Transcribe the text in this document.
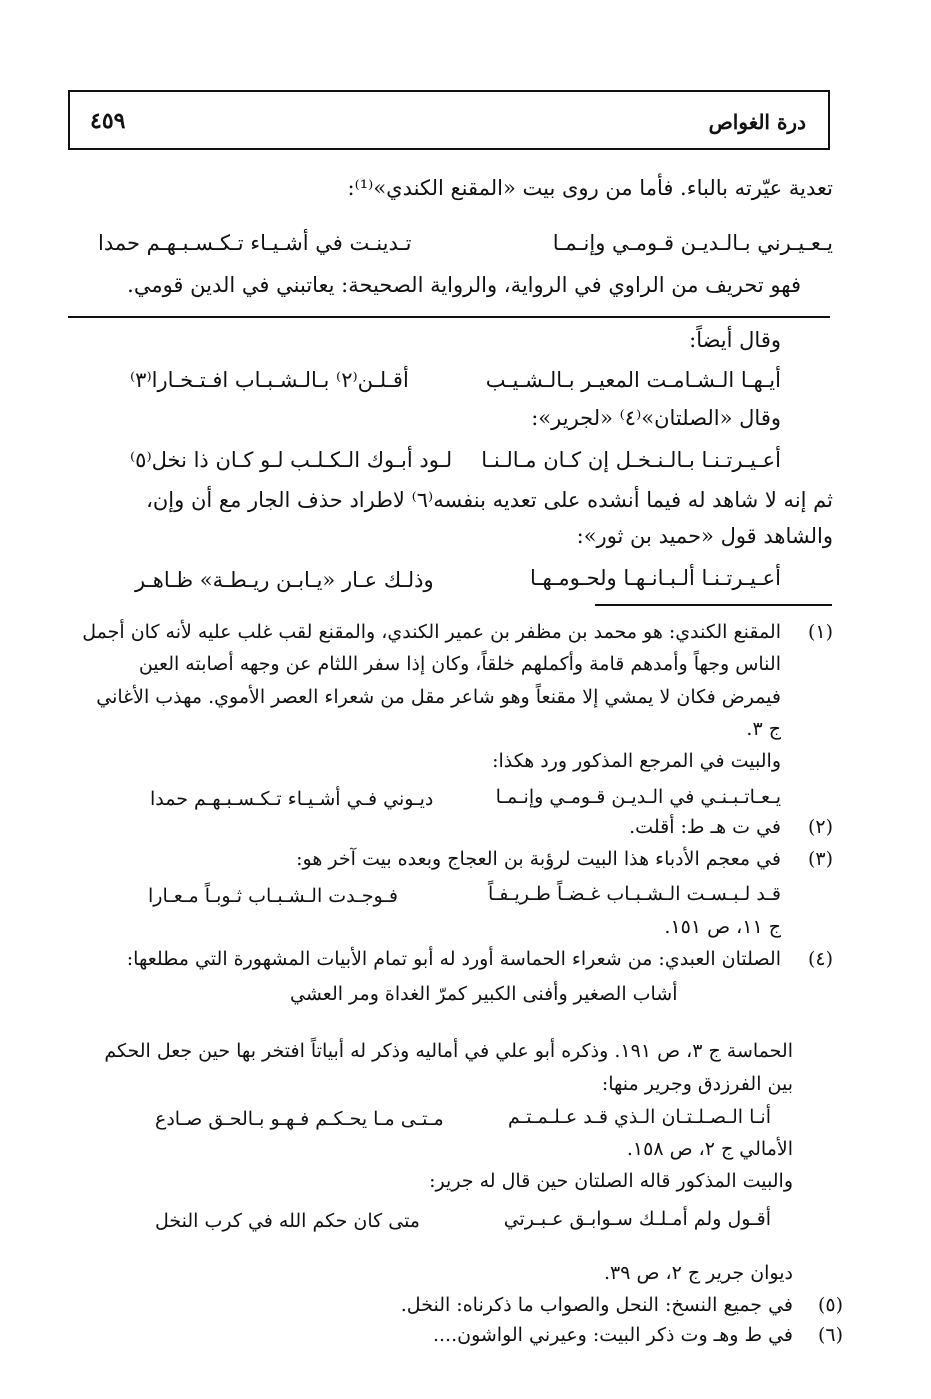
درة الغواص
٤٥٩
تعدية عيّرته بالباء. فأما من روى بيت «المقنع الكندي»⁽¹⁾:
يـعـيـرني بـالـديـن قـومـي وإنـمـا
تـدينـت في أشـيـاء تـكـسـبـهـم حمدا
فهو تحريف من الراوي في الرواية، والرواية الصحيحة: يعاتبني في الدين قومي.
وقال أيضاً:
أيـهـا الـشـامـت المعيـر بـالـشـيـب
أقـلـن⁽٢⁾ بـالـشـبـاب افـتـخـارا⁽٣⁾
وقال «الصلتان»⁽٤⁾ «لجرير»:
أعـيـرتـنـا بـالـنـخـل إن كـان مـالـنـا
لـود أبـوك الـكـلـب لـو كـان ذا نخل⁽٥⁾
ثم إنه لا شاهد له فيما أنشده على تعديه بنفسه⁽٦⁾ لاطراد حذف الجار مع أن وإن،
والشاهد قول «حميد بن ثور»:
أعـيـرتـنـا ألـبـانـهـا ولحـومـهـا
وذلـك عـار «يـابـن ريـطـة» ظـاهـر
(١)
المقنع الكندي: هو محمد بن مظفر بن عمير الكندي، والمقنع لقب غلب عليه لأنه كان أجمل
الناس وجهاً وأمدهم قامة وأكملهم خلقاً، وكان إذا سفر اللثام عن وجهه أصابته العين
فيمرض فكان لا يمشي إلا مقنعاً وهو شاعر مقل من شعراء العصر الأموي. مهذب الأغاني
ج ٣.
والبيت في المرجع المذكور ورد هكذا:
يـعـاتـبـنـي في الـديـن قـومـي وإنـمـا
ديـوني فـي أشـيـاء تـكـسـبـهـم حمدا
(٢)
في ت هـ ط: أقلت.
(٣)
في معجم الأدباء هذا البيت لرؤبة بن العجاج وبعده بيت آخر هو:
قـد لـبـسـت الـشـبـاب غـضـاً طـريـفـاً
فـوجـدت الـشـبـاب ثـوبـاً مـعـارا
ج ١١، ص ١٥١.
(٤)
الصلتان العبدي: من شعراء الحماسة أورد له أبو تمام الأبيات المشهورة التي مطلعها:
أشاب الصغير وأفنى الكبير كمرّ الغداة ومر العشي
الحماسة ج ٣، ص ١٩١. وذكره أبو علي في أماليه وذكر له أبياتاً افتخر بها حين جعل الحكم
بين الفرزدق وجرير منها:
أنـا الـصـلـتـان الـذي قـد عـلـمـتـم
مـتـى مـا يحـكـم فـهـو بـالحـق صـادع
الأمالي ج ٢، ص ١٥٨.
والبيت المذكور قاله الصلتان حين قال له جرير:
أقـول ولم أمـلـك سـوابـق عـبـرتي
متى كان حكم الله في كرب النخل
ديوان جرير ج ٢، ص ٣٩.
(٥)
في جميع النسخ: النحل والصواب ما ذكرناه: النخل.
(٦)
في ط وهـ وت ذكر البيت: وعيرني الواشون....
